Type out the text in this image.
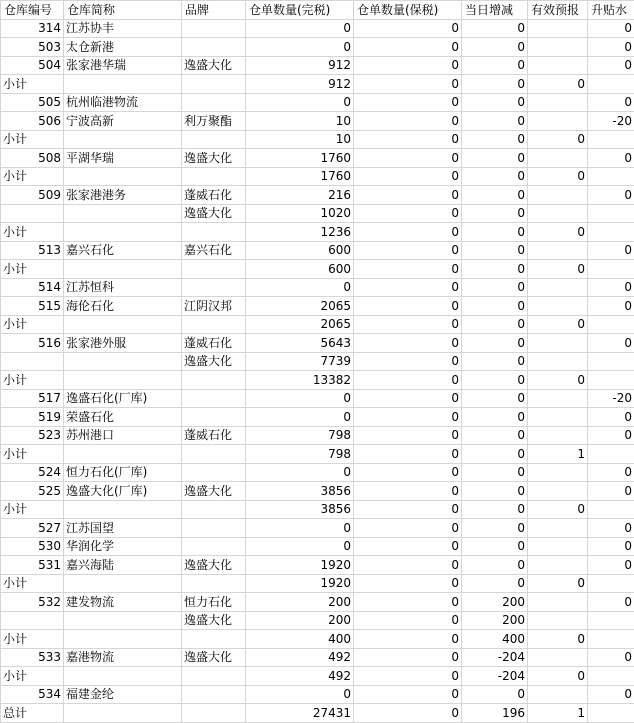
仓库编号	仓库简称	品牌	仓单数量(完税)	仓单数量(保税)	当日增减	有效预报	升贴水
314	江苏协丰		0	0	0		0
503	太仓新港		0	0	0		0
504	张家港华瑞	逸盛大化	912	0	0		0
小计			912	0	0	0	
505	杭州临港物流		0	0	0		0
506	宁波高新	利万聚酯	10	0	0		-20
小计			10	0	0	0	
508	平湖华瑞	逸盛大化	1760	0	0		0
小计			1760	0	0	0	
509	张家港港务	蓬威石化	216	0	0		0
		逸盛大化	1020	0	0		
小计			1236	0	0	0	
513	嘉兴石化	嘉兴石化	600	0	0		0
小计			600	0	0	0	
514	江苏恒科		0	0	0		0
515	海伦石化	江阴汉邦	2065	0	0		0
小计			2065	0	0	0	
516	张家港外服	蓬威石化	5643	0	0		0
		逸盛大化	7739	0	0		
小计			13382	0	0	0	
517	逸盛石化(厂库)		0	0	0		-20
519	荣盛石化		0	0	0		0
523	苏州港口	蓬威石化	798	0	0		0
小计			798	0	0	1	
524	恒力石化(厂库)		0	0	0		0
525	逸盛大化(厂库)	逸盛大化	3856	0	0		0
小计			3856	0	0	0	
527	江苏国望		0	0	0		0
530	华润化学		0	0	0		0
531	嘉兴海陆	逸盛大化	1920	0	0		0
小计			1920	0	0	0	
532	建发物流	恒力石化	200	0	200		0
		逸盛大化	200	0	200		
小计			400	0	400	0	
533	嘉港物流	逸盛大化	492	0	-204		0
小计			492	0	-204	0	
534	福建金纶		0	0	0		0
总计			27431	0	196	1	
